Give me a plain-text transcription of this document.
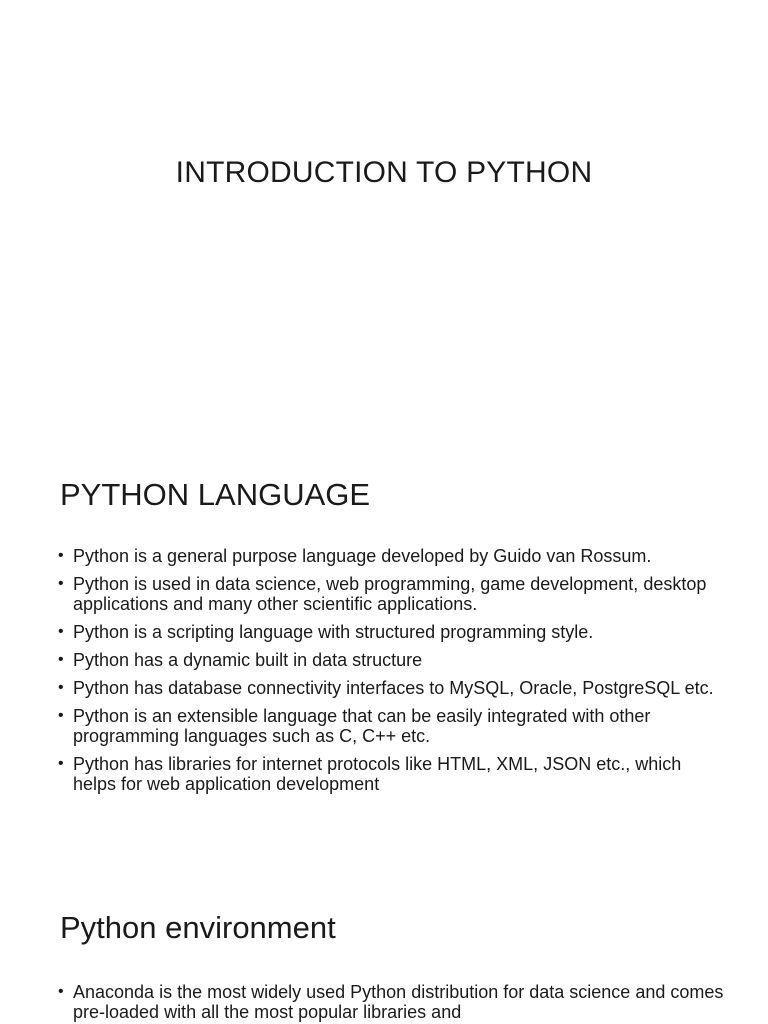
INTRODUCTION TO PYTHON
PYTHON LANGUAGE
• Python is a general purpose language developed by Guido van Rossum.
• Python is used in data science, web programming, game development, desktop applications and many other scientific applications.
• Python is a scripting language with structured programming style.
• Python has a dynamic built in data structure
• Python has database connectivity interfaces to MySQL, Oracle, PostgreSQL etc.
• Python is an extensible language that can be easily integrated with other programming languages such as C, C++ etc.
• Python has libraries for internet protocols like HTML, XML, JSON etc., which helps for web application development
Python environment
• Anaconda is the most widely used Python distribution for data science and comes pre-loaded with all the most popular libraries and
